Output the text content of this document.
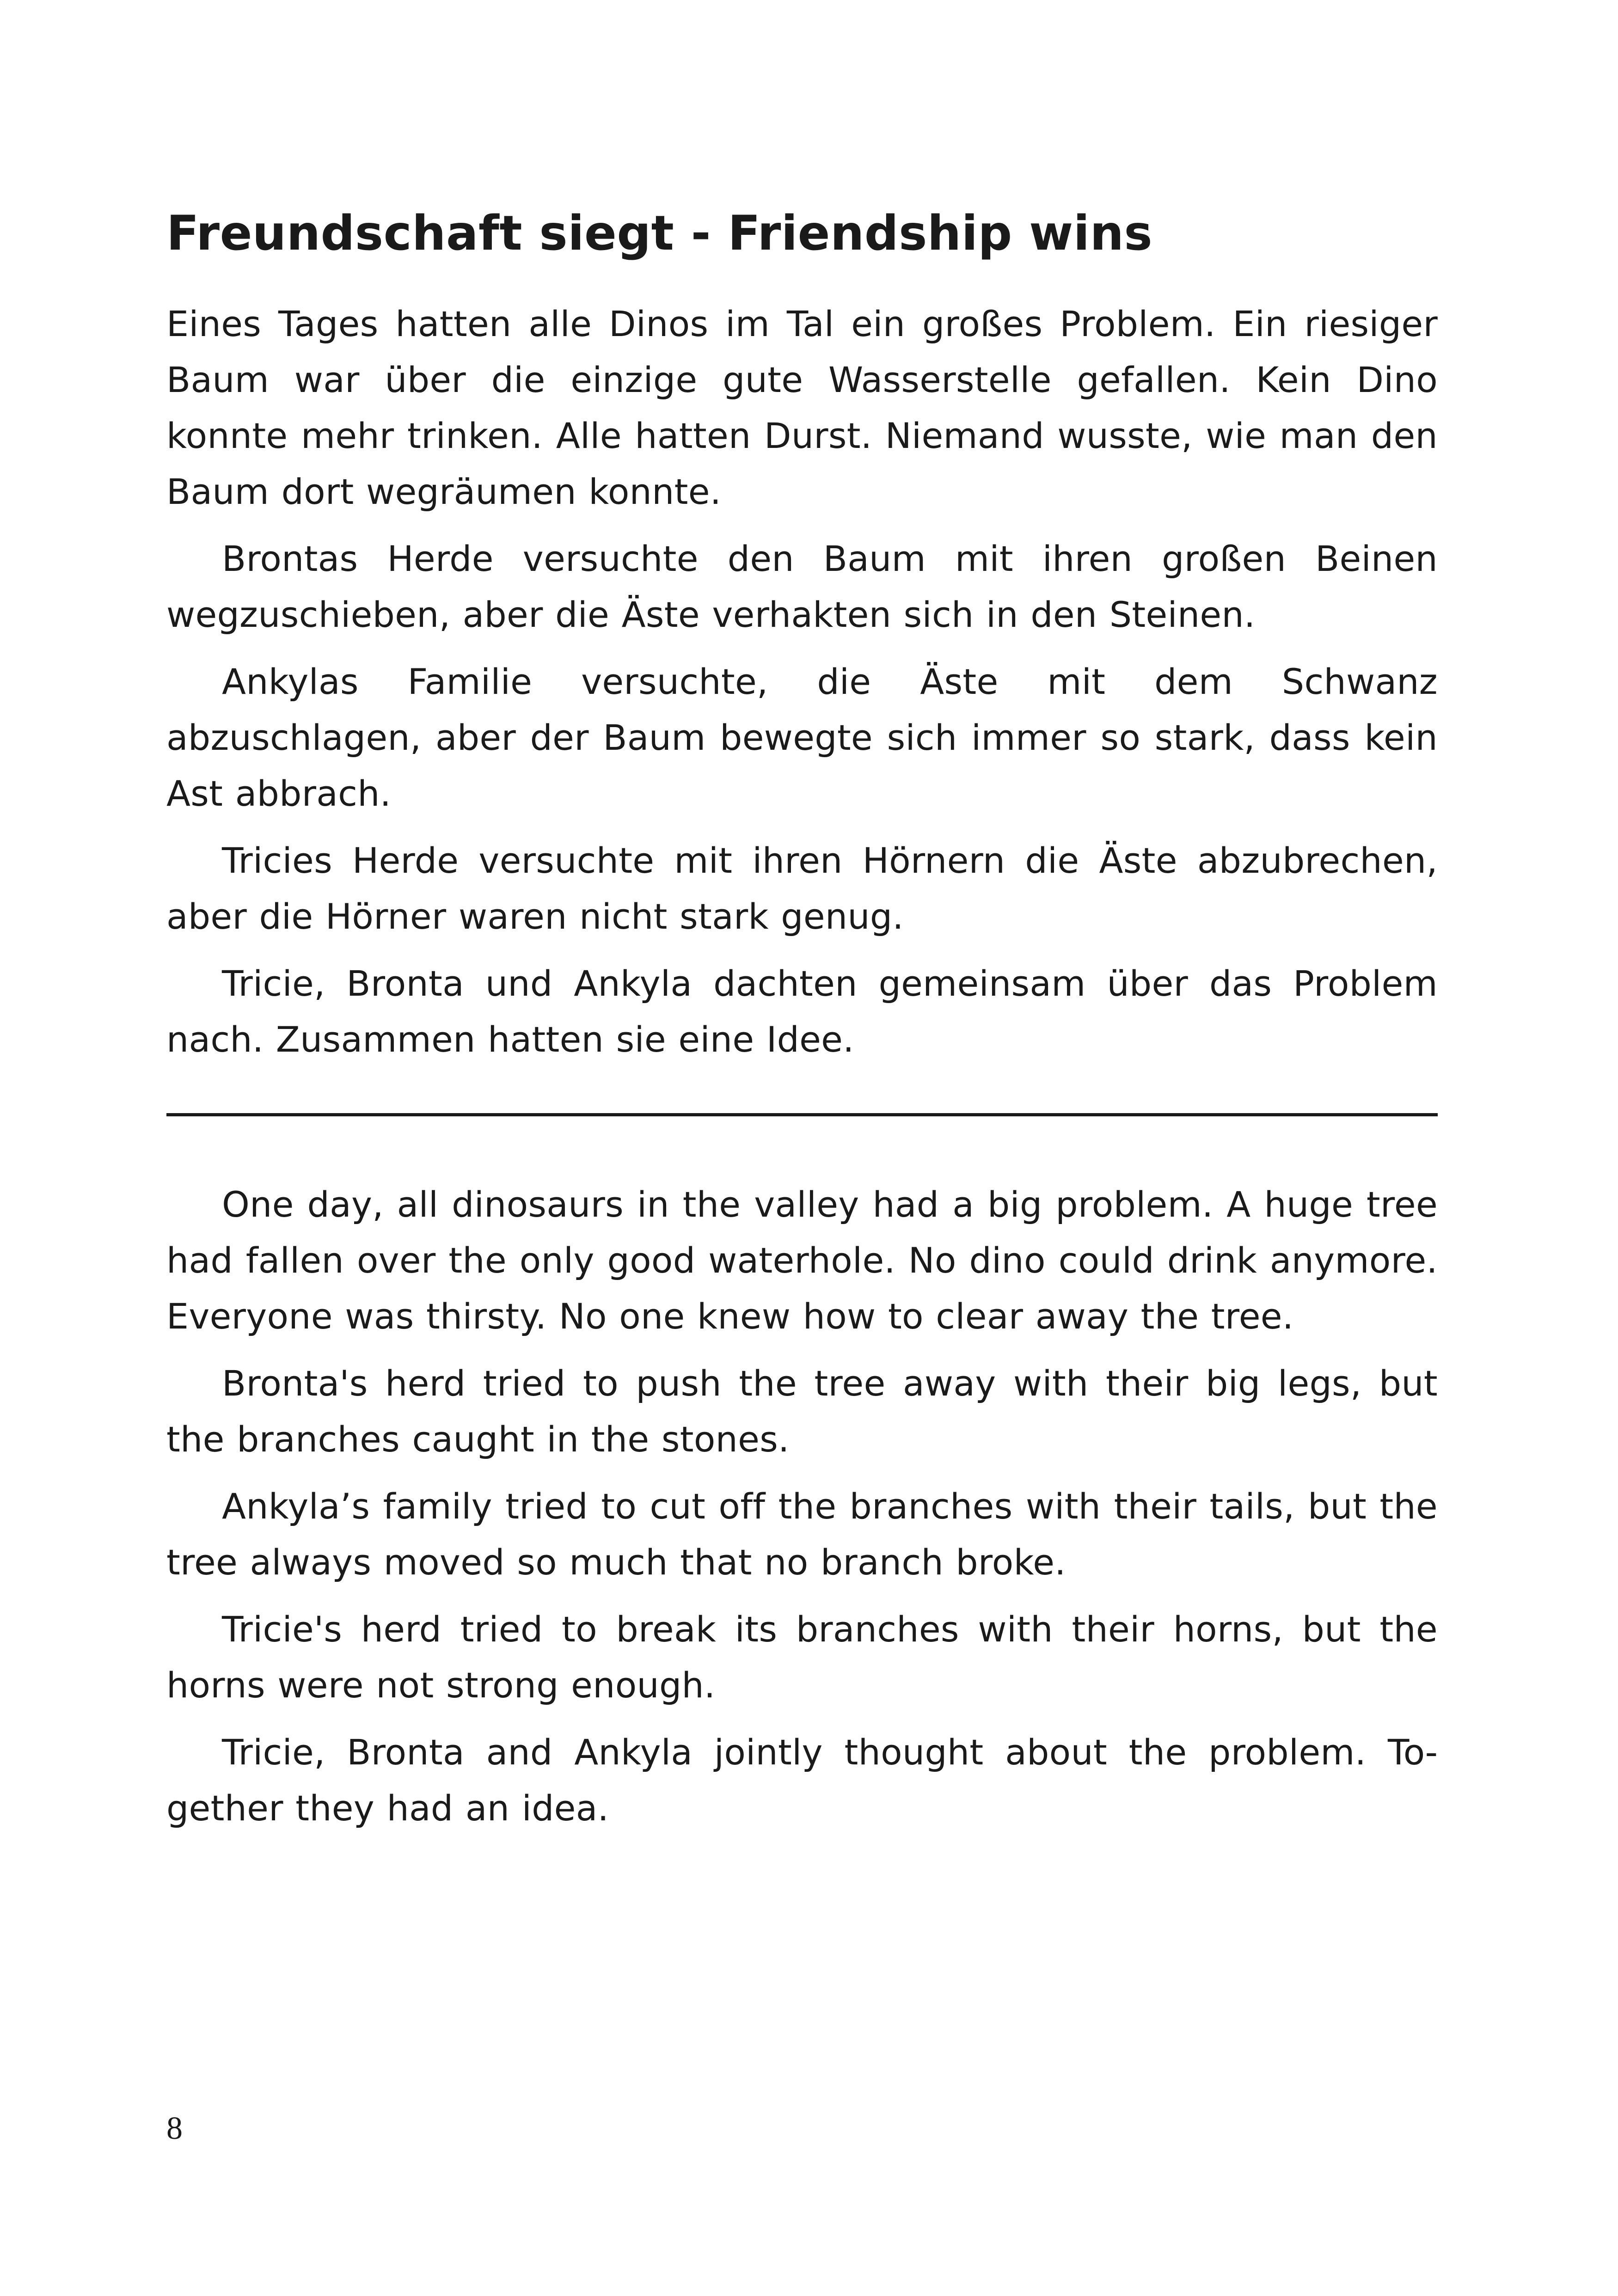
Freundschaft siegt - Friendship wins

Eines Tages hatten alle Dinos im Tal ein großes Problem. Ein riesiger Baum war über die einzige gute Wasserstelle gefallen. Kein Dino konnte mehr trinken. Alle hatten Durst. Niemand wusste, wie man den Baum dort wegräumen konnte.

Brontas Herde versuchte den Baum mit ihren großen Beinen wegzuschieben, aber die Äste verhakten sich in den Steinen.

Ankylas Familie versuchte, die Äste mit dem Schwanz abzuschlagen, aber der Baum bewegte sich immer so stark, dass kein Ast abbrach.

Tricies Herde versuchte mit ihren Hörnern die Äste abzubrechen, aber die Hörner waren nicht stark genug.

Tricie, Bronta und Ankyla dachten gemeinsam über das Problem nach. Zusammen hatten sie eine Idee.

One day, all dinosaurs in the valley had a big problem. A huge tree had fallen over the only good waterhole. No dino could drink anymore. Everyone was thirsty. No one knew how to clear away the tree.

Bronta's herd tried to push the tree away with their big legs, but the branches caught in the stones.

Ankyla’s family tried to cut off the branches with their tails, but the tree always moved so much that no branch broke.

Tricie's herd tried to break its branches with their horns, but the horns were not strong enough.

Tricie, Bronta and Ankyla jointly thought about the problem. Together they had an idea.

8
